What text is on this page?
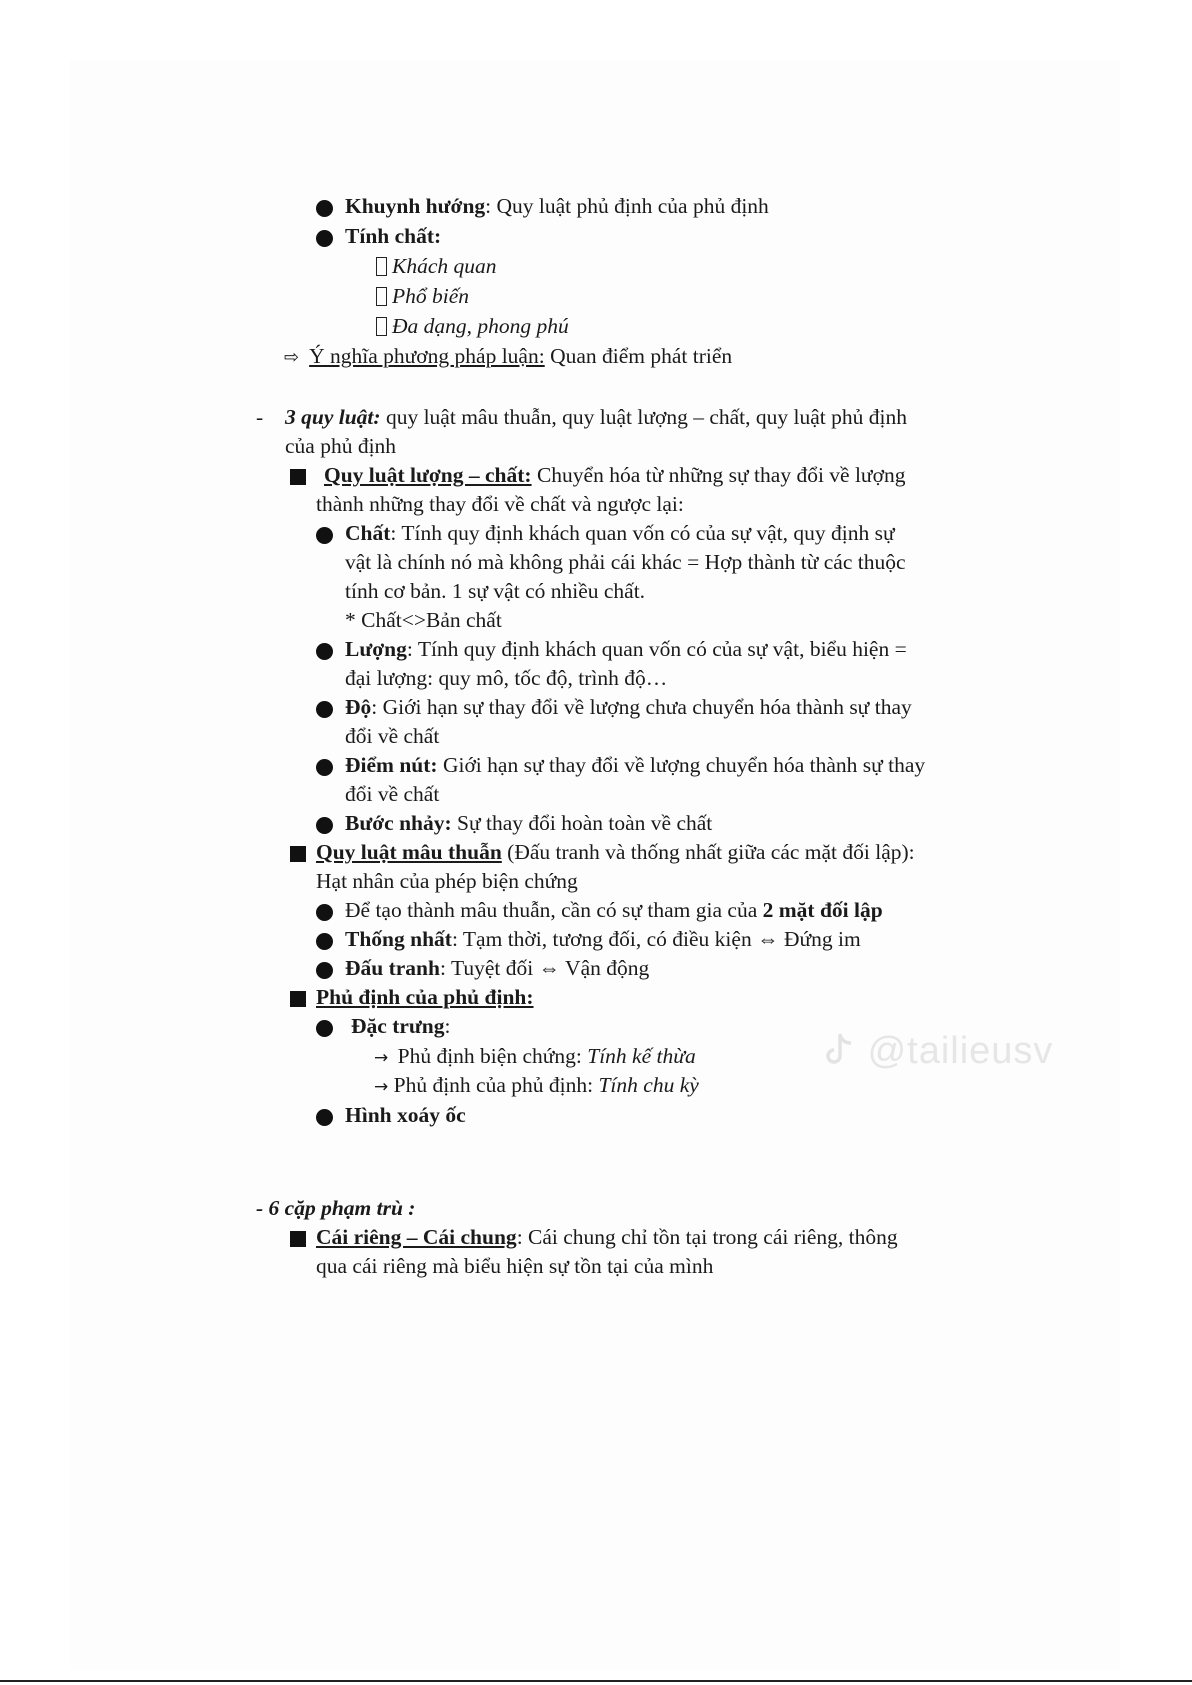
Khuynh hướng: Quy luật phủ định của phủ định
Tính chất:
Khách quan
Phổ biến
Đa dạng, phong phú
⇨ Ý nghĩa phương pháp luận: Quan điểm phát triển
- 3 quy luật: quy luật mâu thuẫn, quy luật lượng – chất, quy luật phủ định
của phủ định
Quy luật lượng – chất: Chuyển hóa từ những sự thay đổi về lượng
thành những thay đổi về chất và ngược lại:
Chất: Tính quy định khách quan vốn có của sự vật, quy định sự
vật là chính nó mà không phải cái khác = Hợp thành từ các thuộc
tính cơ bản. 1 sự vật có nhiều chất.
* Chất<>Bản chất
Lượng: Tính quy định khách quan vốn có của sự vật, biểu hiện =
đại lượng: quy mô, tốc độ, trình độ…
Độ: Giới hạn sự thay đổi về lượng chưa chuyển hóa thành sự thay
đổi về chất
Điểm nút: Giới hạn sự thay đổi về lượng chuyển hóa thành sự thay
đổi về chất
Bước nhảy: Sự thay đổi hoàn toàn về chất
Quy luật mâu thuẫn (Đấu tranh và thống nhất giữa các mặt đối lập):
Hạt nhân của phép biện chứng
Để tạo thành mâu thuẫn, cần có sự tham gia của 2 mặt đối lập
Thống nhất: Tạm thời, tương đối, có điều kiện ⇔ Đứng im
Đấu tranh: Tuyệt đối ⇔ Vận động
Phủ định của phủ định:
Đặc trưng:
→ Phủ định biện chứng: Tính kế thừa
→ Phủ định của phủ định: Tính chu kỳ
Hình xoáy ốc
- 6 cặp phạm trù :
Cái riêng – Cái chung: Cái chung chỉ tồn tại trong cái riêng, thông
qua cái riêng mà biểu hiện sự tồn tại của mình
@tailieusv
